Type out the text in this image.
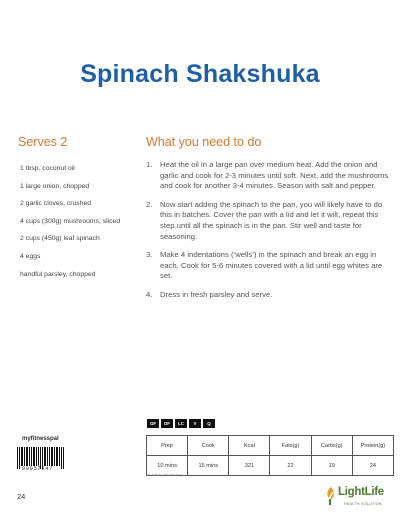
Spinach Shakshuka
Serves 2
1 tbsp. coconut oil
1 large onion, chopped
2 garlic cloves, crushed
4 cups (300g) mushrooms, sliced
2 cups (450g) leaf spinach
4 eggs
handful parsley, chopped
What you need to do
1. Heat the oil in a large pan over medium heat. Add the onion and garlic and cook for 2-3 minutes until soft. Next, add the mushrooms and cook for another 3-4 minutes. Season with salt and pepper.
2. Now start adding the spinach to the pan, you will likely have to do this in batches. Cover the pan with a lid and let it wilt, repeat this step until all the spinach is in the pan. Stir well and taste for seasoning.
3. Make 4 indentations (‘wells’) in the spinach and break an egg in each. Cook for 5-6 minutes covered with a lid until egg whites are set.
4. Dress in fresh parsley and serve.
GF	DF	LC	V	Q
Prep	Cook	Kcal	Fats(g)	Carbs(g)	Protein(g)
10 mins	15 mins	321	22	19	24
*Nutrition per serving
myfitnesspal
09057647
24	LightLife
HEALTH SOLUTION
